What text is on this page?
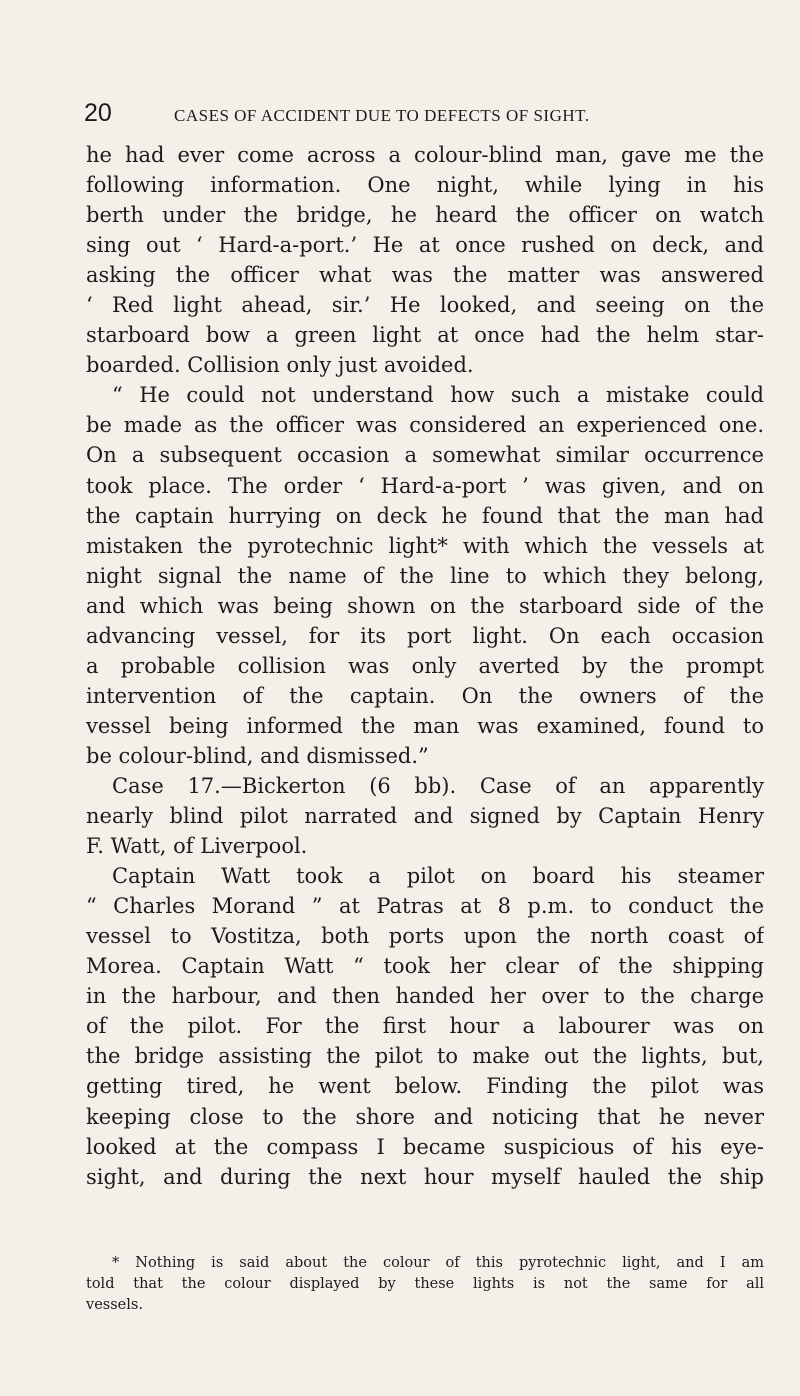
20	CASES OF ACCIDENT DUE TO DEFECTS OF SIGHT.
he had ever come across a colour-blind man, gave me the
following information. One night, while lying in his
berth under the bridge, he heard the officer on watch
sing out ‘ Hard-a-port.’ He at once rushed on deck, and
asking the officer what was the matter was answered
‘ Red light ahead, sir.’ He looked, and seeing on the
starboard bow a green light at once had the helm star-
boarded. Collision only just avoided.
“ He could not understand how such a mistake could
be made as the officer was considered an experienced one.
On a subsequent occasion a somewhat similar occurrence
took place. The order ‘ Hard-a-port ’ was given, and on
the captain hurrying on deck he found that the man had
mistaken the pyrotechnic light* with which the vessels at
night signal the name of the line to which they belong,
and which was being shown on the starboard side of the
advancing vessel, for its port light. On each occasion
a probable collision was only averted by the prompt
intervention of the captain. On the owners of the
vessel being informed the man was examined, found to
be colour-blind, and dismissed.”
Case 17.—Bickerton (6 bb). Case of an apparently
nearly blind pilot narrated and signed by Captain Henry
F. Watt, of Liverpool.
Captain Watt took a pilot on board his steamer
“ Charles Morand ” at Patras at 8 p.m. to conduct the
vessel to Vostitza, both ports upon the north coast of
Morea. Captain Watt “ took her clear of the shipping
in the harbour, and then handed her over to the charge
of the pilot. For the first hour a labourer was on
the bridge assisting the pilot to make out the lights, but,
getting tired, he went below. Finding the pilot was
keeping close to the shore and noticing that he never
looked at the compass I became suspicious of his eye-
sight, and during the next hour myself hauled the ship
* Nothing is said about the colour of this pyrotechnic light, and I am
told that the colour displayed by these lights is not the same for all
vessels.
